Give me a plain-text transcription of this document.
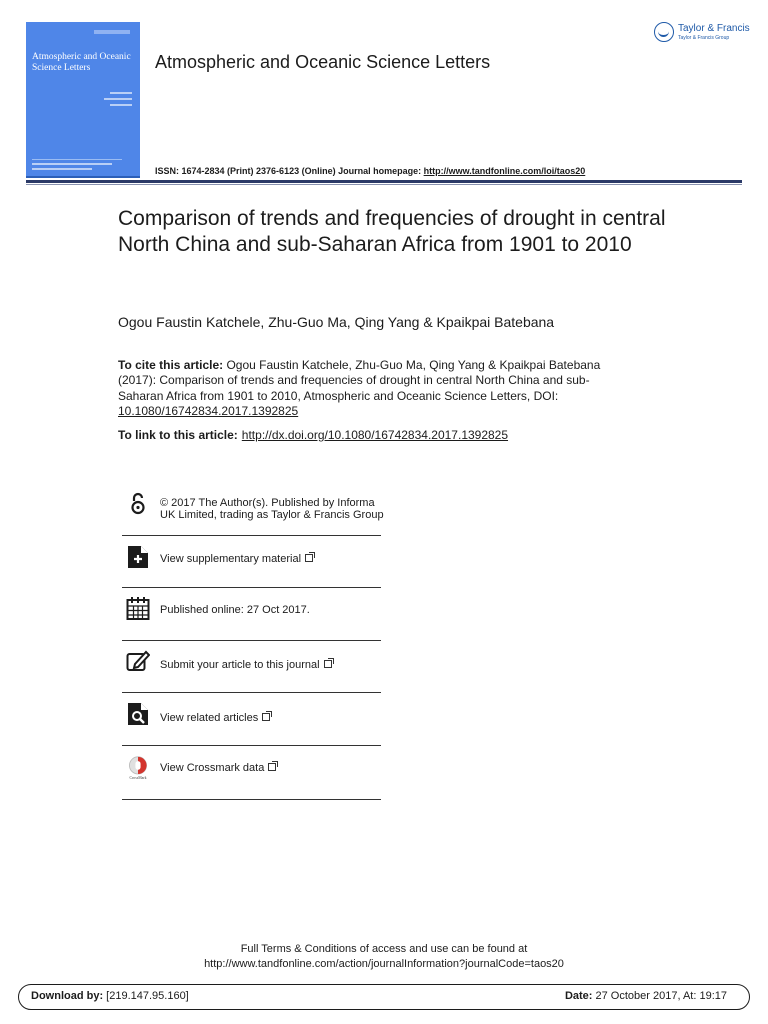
Atmospheric and Oceanic Science Letters	Atmospheric and Oceanic Science Letters
Taylor & Francis
Taylor & Francis Group
ISSN: 1674-2834 (Print) 2376-6123 (Online) Journal homepage: http://www.tandfonline.com/loi/taos20
Comparison of trends and frequencies of drought in central North China and sub-Saharan Africa from 1901 to 2010
Ogou Faustin Katchele, Zhu-Guo Ma, Qing Yang & Kpaikpai Batebana
To cite this article: Ogou Faustin Katchele, Zhu-Guo Ma, Qing Yang & Kpaikpai Batebana (2017): Comparison of trends and frequencies of drought in central North China and sub-Saharan Africa from 1901 to 2010, Atmospheric and Oceanic Science Letters, DOI: 10.1080/16742834.2017.1392825
To link to this article: http://dx.doi.org/10.1080/16742834.2017.1392825
© 2017 The Author(s). Published by Informa UK Limited, trading as Taylor & Francis Group
View supplementary material
Published online: 27 Oct 2017.
Submit your article to this journal
View related articles
CrossMark
View Crossmark data
Full Terms & Conditions of access and use can be found at
http://www.tandfonline.com/action/journalInformation?journalCode=taos20
Download by: [219.147.95.160]	Date: 27 October 2017, At: 19:17
